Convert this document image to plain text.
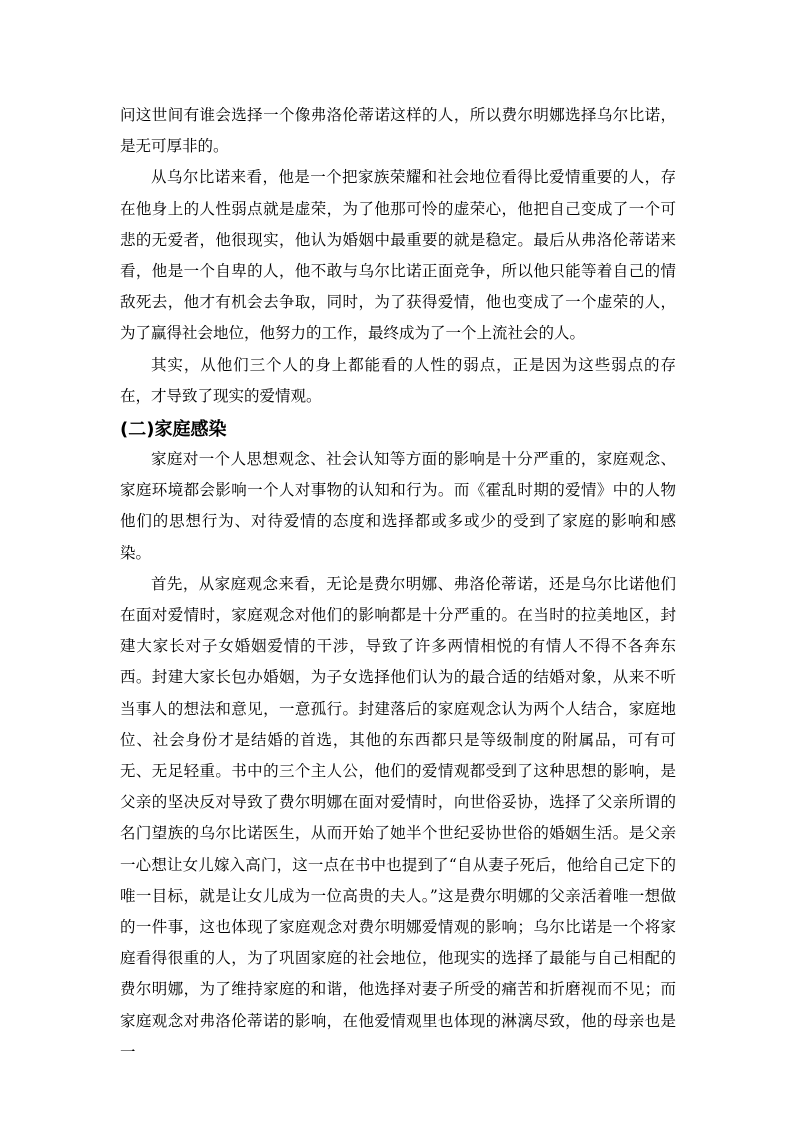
问这世间有谁会选择一个像弗洛伦蒂诺这样的人，所以费尔明娜选择乌尔比诺，是无可厚非的。

从乌尔比诺来看，他是一个把家族荣耀和社会地位看得比爱情重要的人，存在他身上的人性弱点就是虚荣，为了他那可怜的虚荣心，他把自己变成了一个可悲的无爱者，他很现实，他认为婚姻中最重要的就是稳定。最后从弗洛伦蒂诺来看，他是一个自卑的人，他不敢与乌尔比诺正面竞争，所以他只能等着自己的情敌死去，他才有机会去争取，同时，为了获得爱情，他也变成了一个虚荣的人，为了赢得社会地位，他努力的工作，最终成为了一个上流社会的人。

其实，从他们三个人的身上都能看的人性的弱点，正是因为这些弱点的存在，才导致了现实的爱情观。

(二)家庭感染

家庭对一个人思想观念、社会认知等方面的影响是十分严重的，家庭观念、家庭环境都会影响一个人对事物的认知和行为。而《霍乱时期的爱情》中的人物他们的思想行为、对待爱情的态度和选择都或多或少的受到了家庭的影响和感染。

首先，从家庭观念来看，无论是费尔明娜、弗洛伦蒂诺，还是乌尔比诺他们在面对爱情时，家庭观念对他们的影响都是十分严重的。在当时的拉美地区，封建大家长对子女婚姻爱情的干涉，导致了许多两情相悦的有情人不得不各奔东西。封建大家长包办婚姻，为子女选择他们认为的最合适的结婚对象，从来不听当事人的想法和意见，一意孤行。封建落后的家庭观念认为两个人结合，家庭地位、社会身份才是结婚的首选，其他的东西都只是等级制度的附属品，可有可无、无足轻重。书中的三个主人公，他们的爱情观都受到了这种思想的影响，是父亲的坚决反对导致了费尔明娜在面对爱情时，向世俗妥协，选择了父亲所谓的名门望族的乌尔比诺医生，从而开始了她半个世纪妥协世俗的婚姻生活。是父亲一心想让女儿嫁入高门，这一点在书中也提到了“自从妻子死后，他给自己定下的唯一目标，就是让女儿成为一位高贵的夫人。”这是费尔明娜的父亲活着唯一想做的一件事，这也体现了家庭观念对费尔明娜爱情观的影响；乌尔比诺是一个将家庭看得很重的人，为了巩固家庭的社会地位，他现实的选择了最能与自己相配的费尔明娜，为了维持家庭的和谐，他选择对妻子所受的痛苦和折磨视而不见；而家庭观念对弗洛伦蒂诺的影响，在他爱情观里也体现的淋漓尽致，他的母亲也是一
